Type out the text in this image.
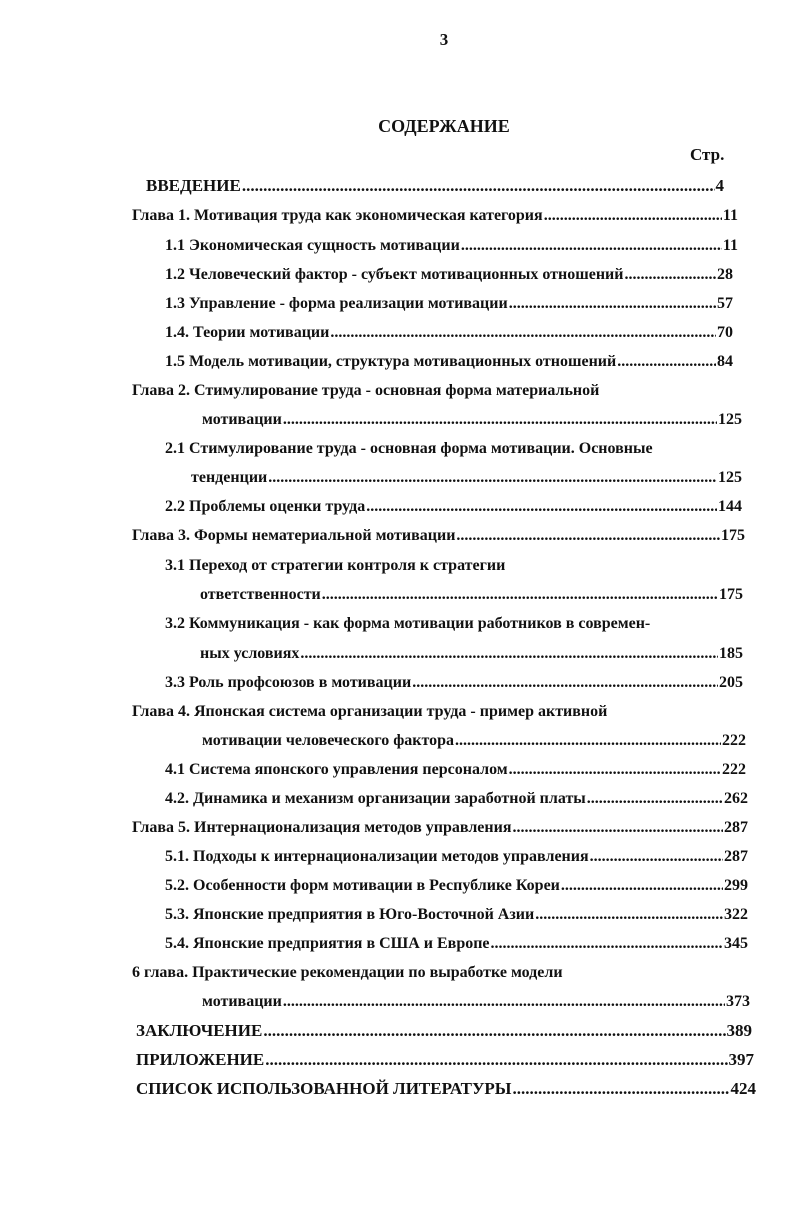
3
СОДЕРЖАНИЕ
Стр.
ВВЕДЕНИЕ .....	4
Глава 1. Мотивация труда как экономическая категория .....	11
1.1 Экономическая сущность мотивации .....	11
1.2 Человеческий фактор - субъект мотивационных отношений .....	28
1.3 Управление - форма реализации мотивации .....	57
1.4. Теории мотивации .....	70
1.5 Модель мотивации, структура мотивационных отношений .....	84
Глава 2. Стимулирование труда - основная форма материальной
мотивации .....	125
2.1 Стимулирование труда - основная форма мотивации. Основные
тенденции .....	125
2.2 Проблемы оценки труда .....	144
Глава 3. Формы нематериальной мотивации .....	175
3.1 Переход от стратегии контроля к стратегии
ответственности .....	175
3.2 Коммуникация - как форма мотивации работников в современ-
ных условиях .....	185
3.3 Роль профсоюзов в мотивации .....	205
Глава 4. Японская система организации труда - пример активной
мотивации человеческого фактора .....	222
4.1 Система японского управления персоналом .....	222
4.2. Динамика и механизм организации заработной платы .....	262
Глава 5. Интернационализация методов управления .....	287
5.1. Подходы к интернационализации методов управления .....	287
5.2. Особенности форм мотивации в Республике Кореи .....	299
5.3. Японские предприятия в Юго-Восточной Азии .....	322
5.4. Японские предприятия в США и Европе .....	345
6 глава. Практические рекомендации по выработке модели
мотивации .....	373
ЗАКЛЮЧЕНИЕ .....	389
ПРИЛОЖЕНИЕ .....	397
СПИСОК ИСПОЛЬЗОВАННОЙ ЛИТЕРАТУРЫ .....	424
